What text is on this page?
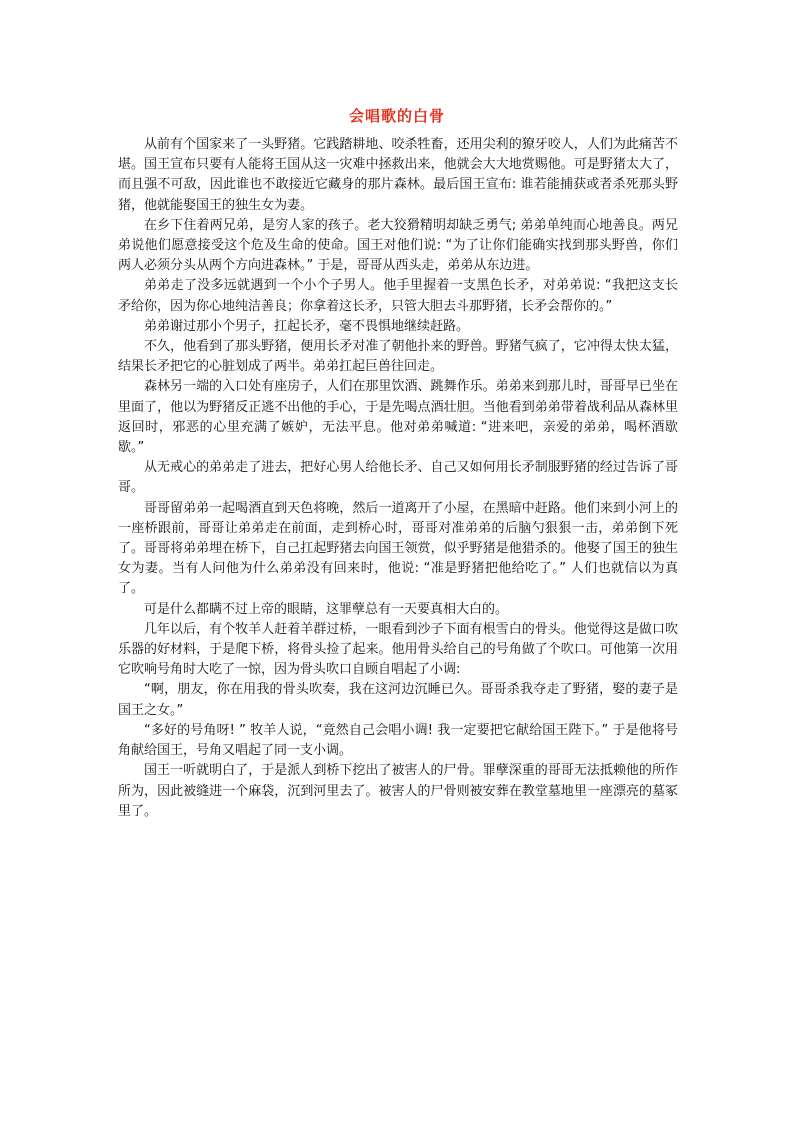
会唱歌的白骨

从前有个国家来了一头野猪。它践踏耕地、咬杀牲畜，还用尖利的獠牙咬人，人们为此痛苦不堪。国王宣布只要有人能将王国从这一灾难中拯救出来，他就会大大地赏赐他。可是野猪太大了，而且强不可敌，因此谁也不敢接近它藏身的那片森林。最后国王宣布: 谁若能捕获或者杀死那头野猪，他就能娶国王的独生女为妻。

在乡下住着两兄弟，是穷人家的孩子。老大狡猾精明却缺乏勇气; 弟弟单纯而心地善良。两兄弟说他们愿意接受这个危及生命的使命。国王对他们说: “为了让你们能确实找到那头野兽，你们两人必须分头从两个方向进森林。” 于是，哥哥从西头走，弟弟从东边进。

弟弟走了没多远就遇到一个小个子男人。他手里握着一支黑色长矛，对弟弟说: “我把这支长矛给你，因为你心地纯洁善良；你拿着这长矛，只管大胆去斗那野猪，长矛会帮你的。”

弟弟谢过那小个男子，扛起长矛，毫不畏惧地继续赶路。

不久，他看到了那头野猪，便用长矛对准了朝他扑来的野兽。野猪气疯了，它冲得太快太猛，结果长矛把它的心脏划成了两半。弟弟扛起巨兽往回走。

森林另一端的入口处有座房子，人们在那里饮酒、跳舞作乐。弟弟来到那儿时，哥哥早已坐在里面了，他以为野猪反正逃不出他的手心，于是先喝点酒壮胆。当他看到弟弟带着战利品从森林里返回时，邪恶的心里充满了嫉妒，无法平息。他对弟弟喊道: “进来吧，亲爱的弟弟，喝杯酒歇歇。”

从无戒心的弟弟走了进去，把好心男人给他长矛、自己又如何用长矛制服野猪的经过告诉了哥哥。

哥哥留弟弟一起喝酒直到天色将晚，然后一道离开了小屋，在黑暗中赶路。他们来到小河上的一座桥跟前，哥哥让弟弟走在前面，走到桥心时，哥哥对准弟弟的后脑勺狠狠一击，弟弟倒下死了。哥哥将弟弟埋在桥下，自己扛起野猪去向国王领赏，似乎野猪是他猎杀的。他娶了国王的独生女为妻。当有人问他为什么弟弟没有回来时，他说: “准是野猪把他给吃了。” 人们也就信以为真了。

可是什么都瞒不过上帝的眼睛，这罪孽总有一天要真相大白的。

几年以后，有个牧羊人赶着羊群过桥，一眼看到沙子下面有根雪白的骨头。他觉得这是做口吹乐器的好材料，于是爬下桥，将骨头捡了起来。他用骨头给自己的号角做了个吹口。可他第一次用它吹响号角时大吃了一惊，因为骨头吹口自顾自唱起了小调:

“啊，朋友，你在用我的骨头吹奏，我在这河边沉睡已久。哥哥杀我夺走了野猪，娶的妻子是国王之女。”

“多好的号角呀! ” 牧羊人说，“竟然自己会唱小调! 我一定要把它献给国王陛下。” 于是他将号角献给国王，号角又唱起了同一支小调。

国王一听就明白了，于是派人到桥下挖出了被害人的尸骨。罪孽深重的哥哥无法抵赖他的所作所为，因此被缝进一个麻袋，沉到河里去了。被害人的尸骨则被安葬在教堂墓地里一座漂亮的墓冢里了。
